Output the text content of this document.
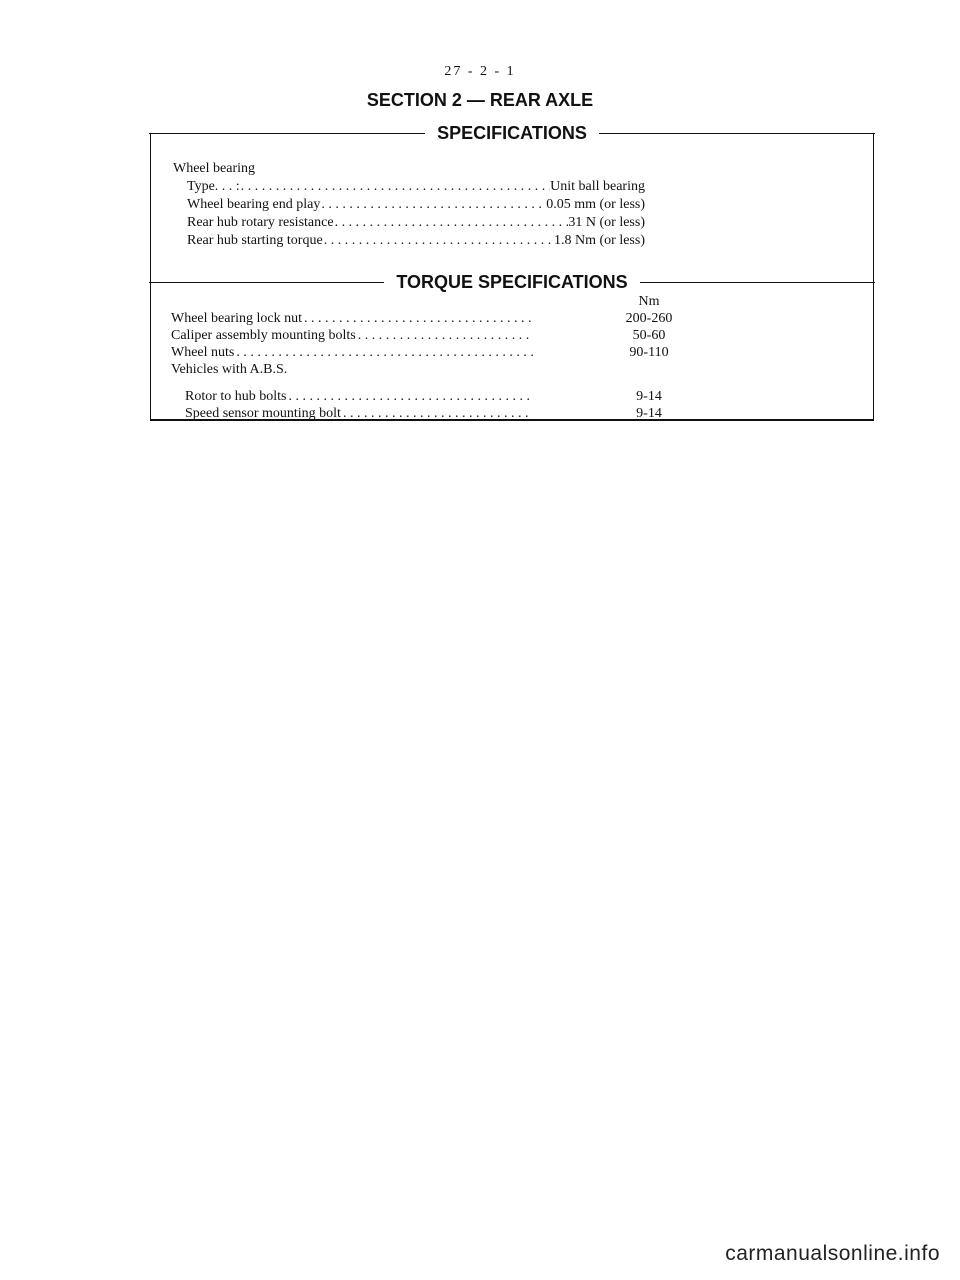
27 - 2 - 1
SECTION 2 — REAR AXLE
SPECIFICATIONS
Wheel bearing
Type. . . : . . .	Unit ball bearing
Wheel bearing end play . . .	0.05 mm (or less)
Rear hub rotary resistance . . .	31 N (or less)
Rear hub starting torque . . .	1.8 Nm (or less)
TORQUE SPECIFICATIONS
Nm
Wheel bearing lock nut . . .	200-260
Caliper assembly mounting bolts . . .	50-60
Wheel nuts . . .	90-110
Vehicles with A.B.S.
Rotor to hub bolts . . .	9-14
Speed sensor mounting bolt . . .	9-14
carmanualsonline.info
